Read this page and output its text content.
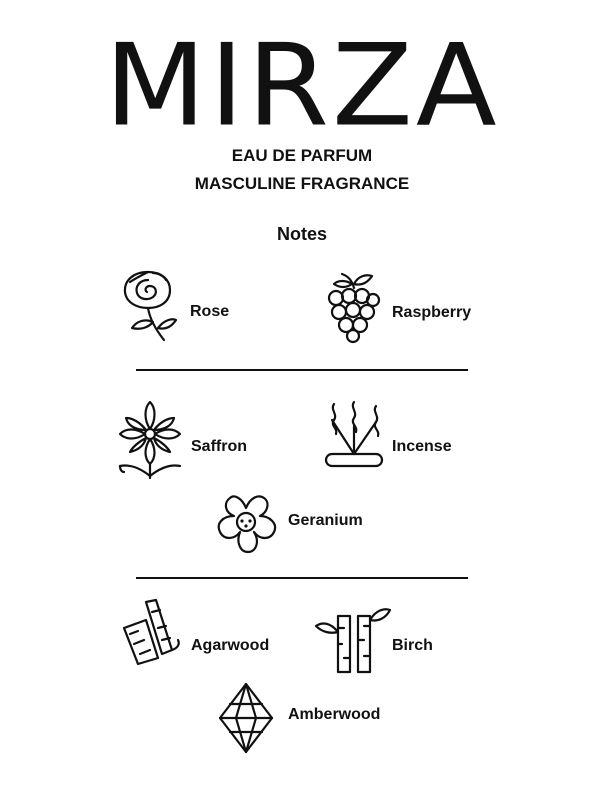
MIRZA

EAU DE PARFUM

MASCULINE FRAGRANCE

Notes

Rose	Raspberry
Saffron	Incense
Geranium
Agarwood	Birch
Amberwood
